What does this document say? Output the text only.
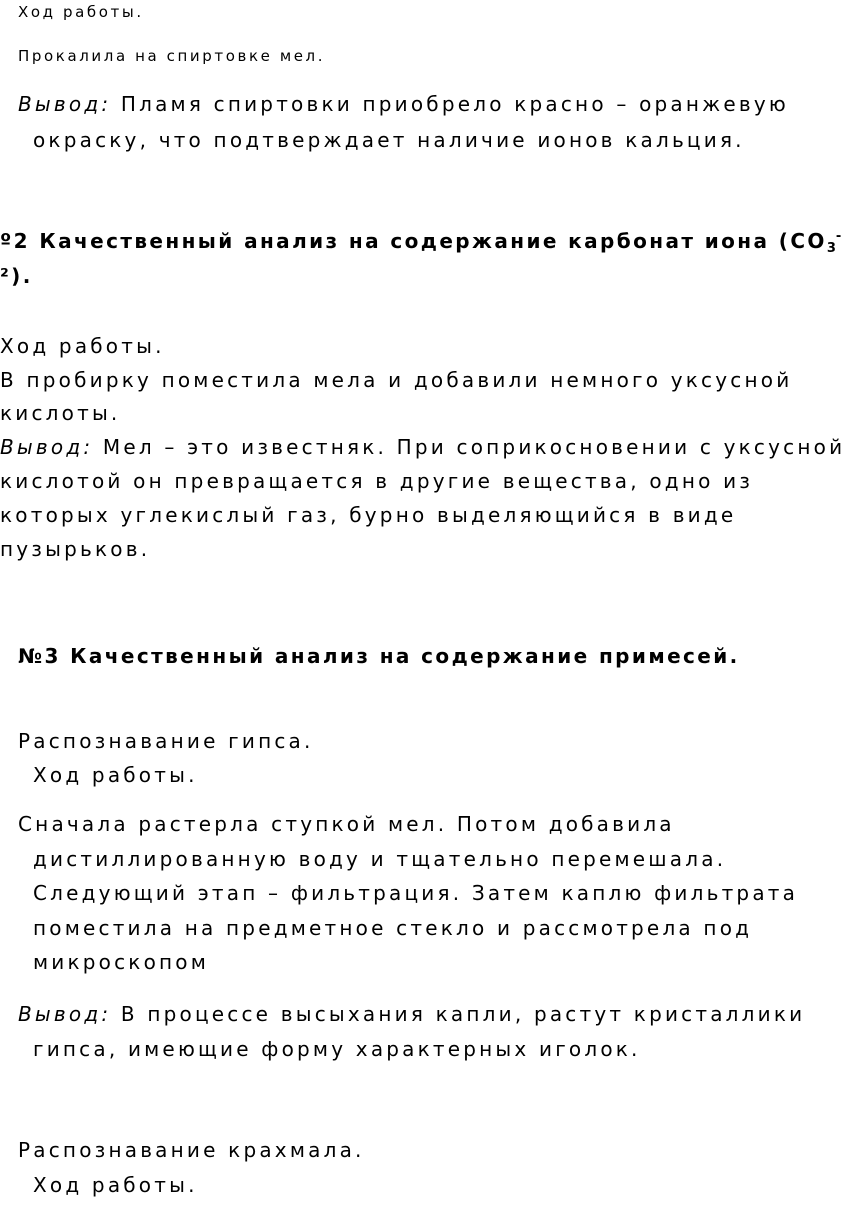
Ход работы.

Прокалила на спиртовке мел.

Вывод: Пламя спиртовки приобрело красно – оранжевую

окраску, что подтверждает наличие ионов кальция.

º2 Качественный анализ на содержание карбонат иона ($CO_3^-$

²).

Ход работы.

В пробирку поместила мела и добавили немного уксусной

кислоты.

Вывод: Мел – это известняк. При соприкосновении с уксусной

кислотой он превращается в другие вещества, одно из

которых углекислый газ, бурно выделяющийся в виде

пузырьков.

№3 Качественный анализ на содержание примесей.

Распознавание гипса.

Ход работы.

Сначала растерла ступкой мел. Потом добавила

дистиллированную воду и тщательно перемешала.

Следующий этап – фильтрация. Затем каплю фильтрата

поместила на предметное стекло и рассмотрела под

микроскопом

Вывод: В процессе высыхания капли, растут кристаллики

гипса, имеющие форму характерных иголок.

Распознавание крахмала.

Ход работы.
